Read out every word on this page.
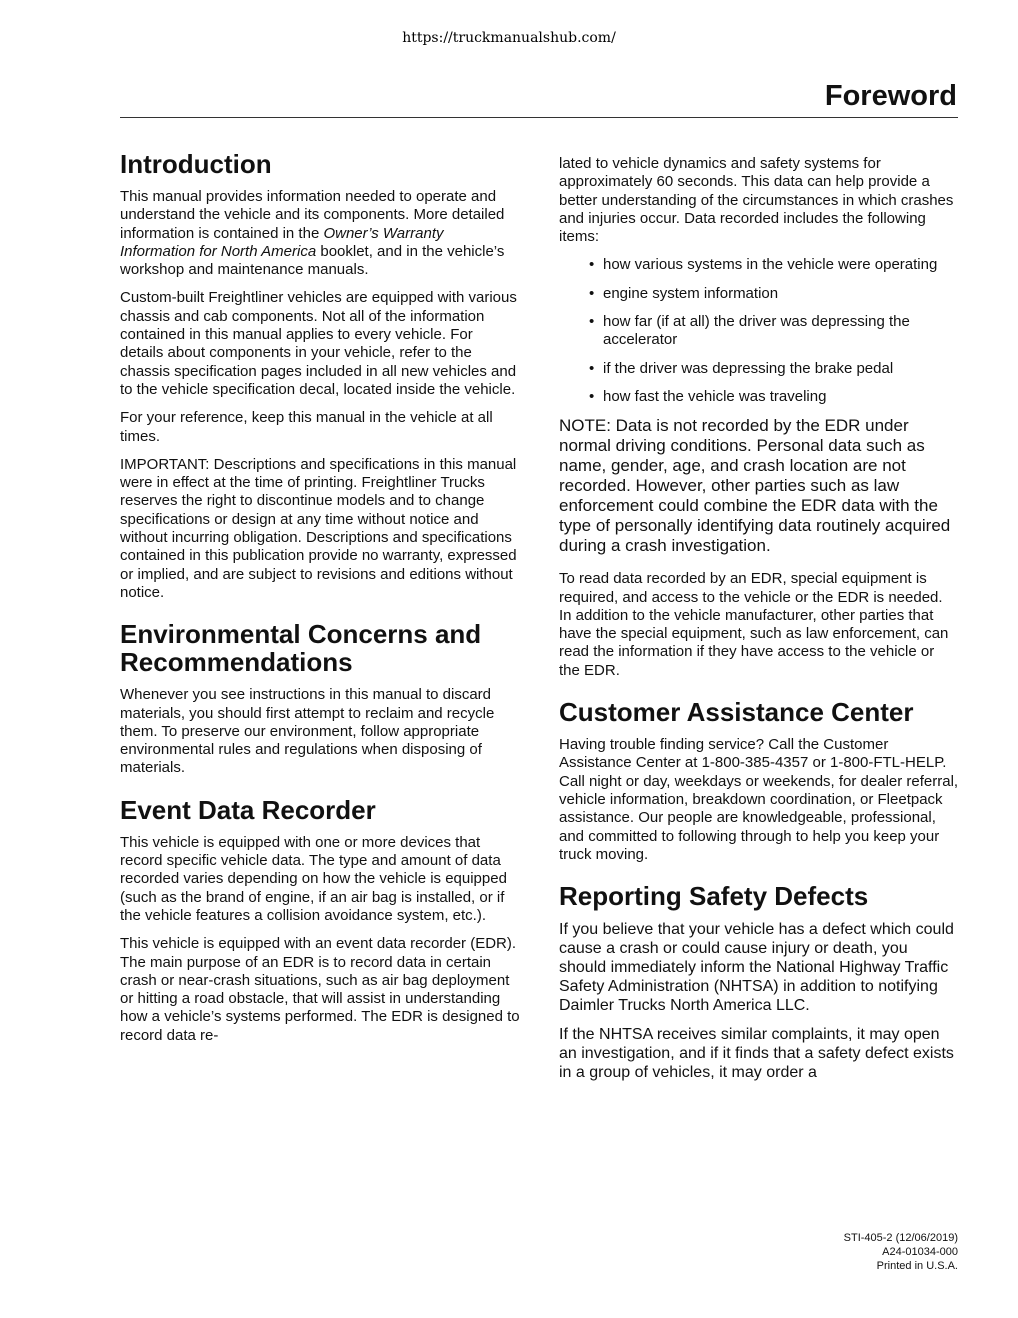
https://truckmanualshub.com/
Foreword
Introduction

This manual provides information needed to operate and understand the vehicle and its components. More detailed information is contained in the Owner’s Warranty Information for North America booklet, and in the vehicle’s workshop and maintenance manuals.

Custom-built Freightliner vehicles are equipped with various chassis and cab components. Not all of the information contained in this manual applies to every vehicle. For details about components in your vehicle, refer to the chassis specification pages included in all new vehicles and to the vehicle specification decal, located inside the vehicle.

For your reference, keep this manual in the vehicle at all times.

IMPORTANT: Descriptions and specifications in this manual were in effect at the time of printing. Freightliner Trucks reserves the right to discontinue models and to change specifications or design at any time without notice and without incurring obligation. Descriptions and specifications contained in this publication provide no warranty, expressed or implied, and are subject to revisions and editions without notice.

Environmental Concerns and Recommendations

Whenever you see instructions in this manual to discard materials, you should first attempt to reclaim and recycle them. To preserve our environment, follow appropriate environmental rules and regulations when disposing of materials.

Event Data Recorder

This vehicle is equipped with one or more devices that record specific vehicle data. The type and amount of data recorded varies depending on how the vehicle is equipped (such as the brand of engine, if an air bag is installed, or if the vehicle features a collision avoidance system, etc.).

This vehicle is equipped with an event data recorder (EDR). The main purpose of an EDR is to record data in certain crash or near-crash situations, such as air bag deployment or hitting a road obstacle, that will assist in understanding how a vehicle’s systems performed. The EDR is designed to record data re-

lated to vehicle dynamics and safety systems for approximately 60 seconds. This data can help provide a better understanding of the circumstances in which crashes and injuries occur. Data recorded includes the following items:

• how various systems in the vehicle were operating
• engine system information
• how far (if at all) the driver was depressing the accelerator
• if the driver was depressing the brake pedal
• how fast the vehicle was traveling

NOTE: Data is not recorded by the EDR under normal driving conditions. Personal data such as name, gender, age, and crash location are not recorded. However, other parties such as law enforcement could combine the EDR data with the type of personally identifying data routinely acquired during a crash investigation.

To read data recorded by an EDR, special equipment is required, and access to the vehicle or the EDR is needed. In addition to the vehicle manufacturer, other parties that have the special equipment, such as law enforcement, can read the information if they have access to the vehicle or the EDR.

Customer Assistance Center

Having trouble finding service? Call the Customer Assistance Center at 1-800-385-4357 or 1-800-FTL-HELP. Call night or day, weekdays or weekends, for dealer referral, vehicle information, breakdown coordination, or Fleetpack assistance. Our people are knowledgeable, professional, and committed to following through to help you keep your truck moving.

Reporting Safety Defects

If you believe that your vehicle has a defect which could cause a crash or could cause injury or death, you should immediately inform the National Highway Traffic Safety Administration (NHTSA) in addition to notifying Daimler Trucks North America LLC.

If the NHTSA receives similar complaints, it may open an investigation, and if it finds that a safety defect exists in a group of vehicles, it may order a

STI-405-2 (12/06/2019)
A24-01034-000
Printed in U.S.A.
